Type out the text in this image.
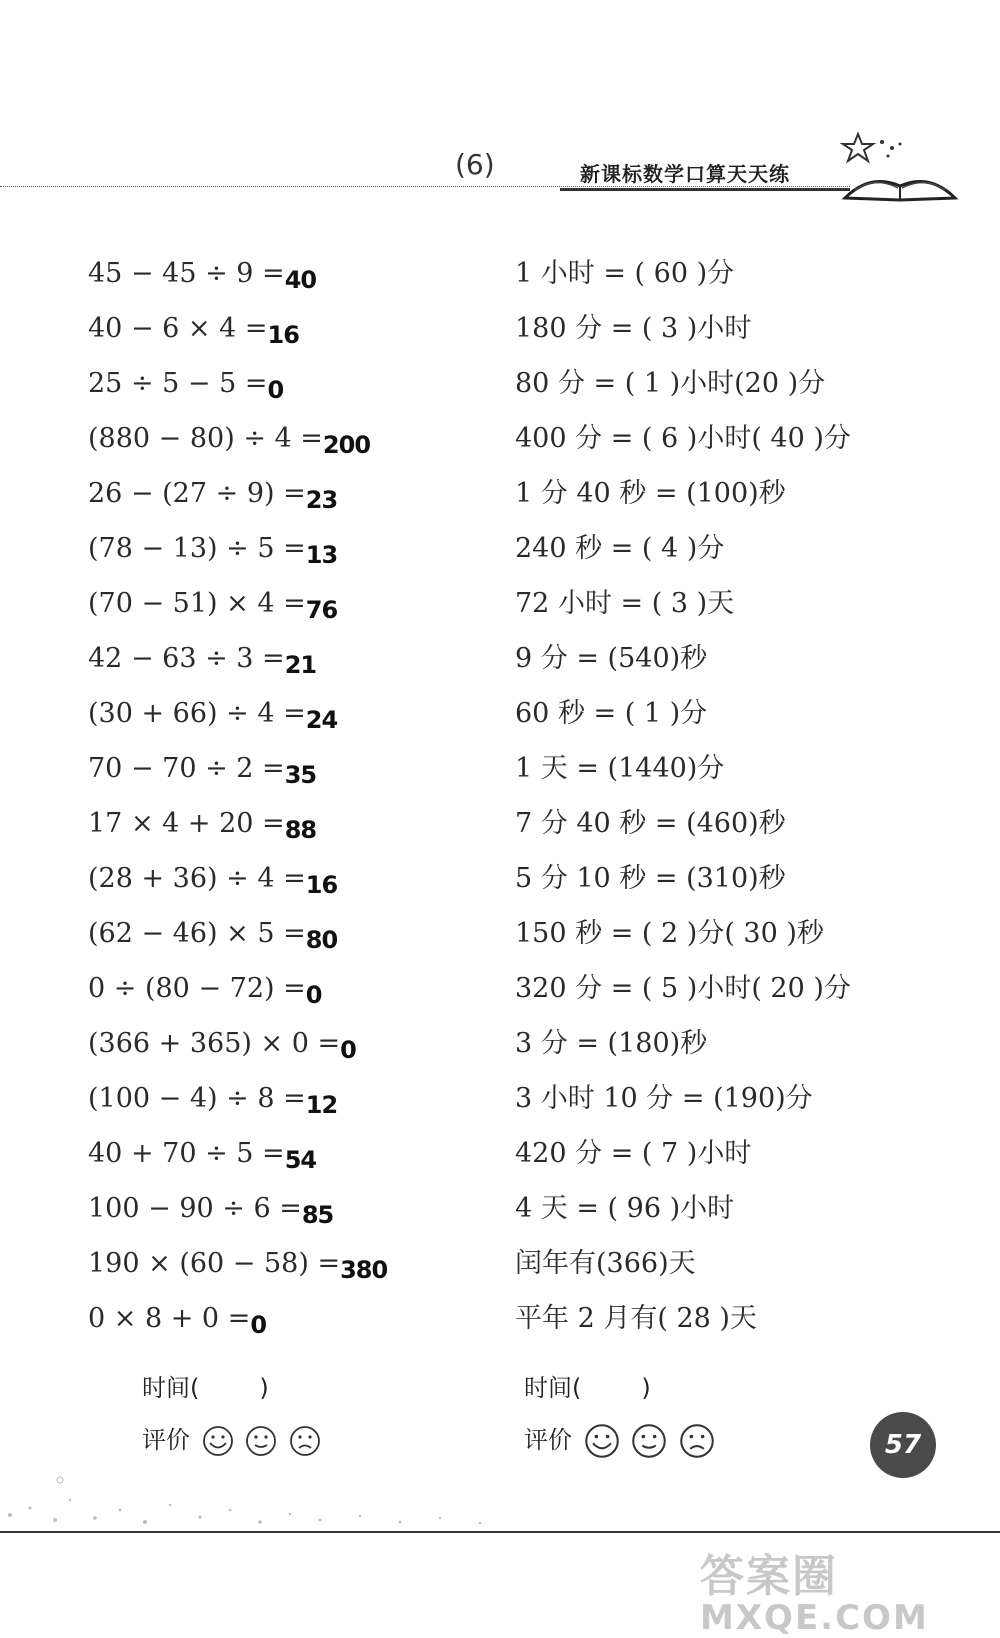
(6)	新课标数学口算天天练
45 − 45 ÷ 9 =40
40 − 6 × 4 =16
25 ÷ 5 − 5 =0
(880 − 80) ÷ 4 =200
26 − (27 ÷ 9) =23
(78 − 13) ÷ 5 =13
(70 − 51) × 4 =76
42 − 63 ÷ 3 =21
(30 + 66) ÷ 4 =24
70 − 70 ÷ 2 =35
17 × 4 + 20 =88
(28 + 36) ÷ 4 =16
(62 − 46) × 5 =80
0 ÷ (80 − 72) =0
(366 + 365) × 0 =0
(100 − 4) ÷ 8 =12
40 + 70 ÷ 5 =54
100 − 90 ÷ 6 =85
190 × (60 − 58) =380
0 × 8 + 0 =0
1 小时 = ( 60 )分
180 分 = ( 3 )小时
80 分 = ( 1 )小时(20 )分
400 分 = ( 6 )小时( 40 )分
1 分 40 秒 = (100)秒
240 秒 = ( 4 )分
72 小时 = ( 3 )天
9 分 = (540)秒
60 秒 = ( 1 )分
1 天 = (1440)分
7 分 40 秒 = (460)秒
5 分 10 秒 = (310)秒
150 秒 = ( 2 )分( 30 )秒
320 分 = ( 5 )小时( 20 )分
3 分 = (180)秒
3 小时 10 分 = (190)分
420 分 = ( 7 )小时
4 天 = ( 96 )小时
闰年有(366)天
平年 2 月有( 28 )天
时间(	)
评价
时间(	)
评价	57
答案圈
MXQE.COM
